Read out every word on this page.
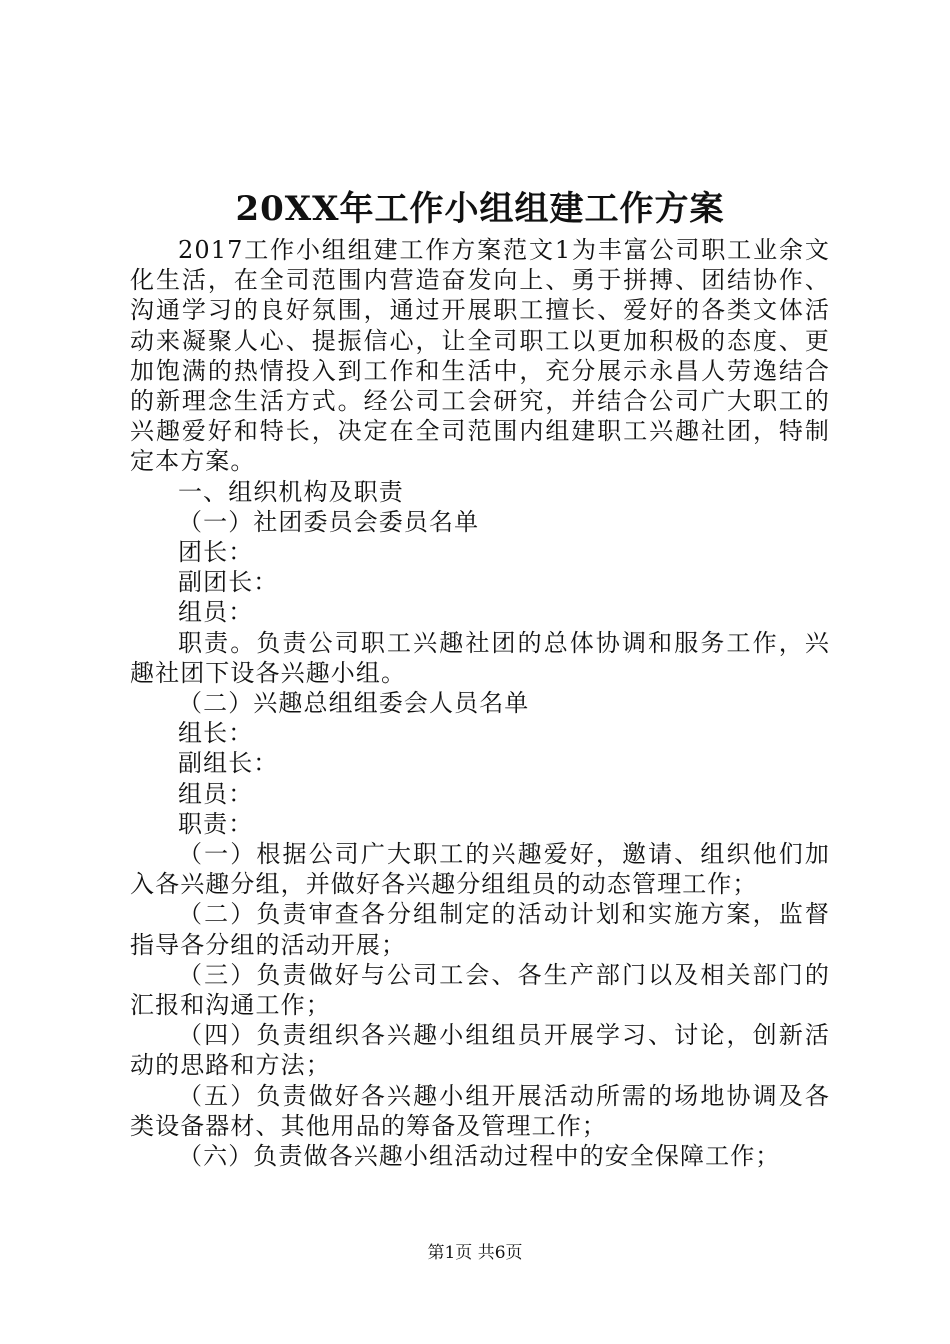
20XX年工作小组组建工作方案

2017工作小组组建工作方案范文1为丰富公司职工业余文化生活，在全司范围内营造奋发向上、勇于拼搏、团结协作、沟通学习的良好氛围，通过开展职工擅长、爱好的各类文体活动来凝聚人心、提振信心，让全司职工以更加积极的态度、更加饱满的热情投入到工作和生活中，充分展示永昌人劳逸结合的新理念生活方式。经公司工会研究，并结合公司广大职工的兴趣爱好和特长，决定在全司范围内组建职工兴趣社团，特制定本方案。

一、组织机构及职责

（一）社团委员会委员名单

团长：

副团长：

组员：

职责。负责公司职工兴趣社团的总体协调和服务工作，兴趣社团下设各兴趣小组。

（二）兴趣总组组委会人员名单

组长：

副组长：

组员：

职责：

（一）根据公司广大职工的兴趣爱好，邀请、组织他们加入各兴趣分组，并做好各兴趣分组组员的动态管理工作；

（二）负责审查各分组制定的活动计划和实施方案，监督指导各分组的活动开展；

（三）负责做好与公司工会、各生产部门以及相关部门的汇报和沟通工作；

（四）负责组织各兴趣小组组员开展学习、讨论，创新活动的思路和方法；

（五）负责做好各兴趣小组开展活动所需的场地协调及各类设备器材、其他用品的筹备及管理工作；

（六）负责做各兴趣小组活动过程中的安全保障工作；

第1页 共6页
